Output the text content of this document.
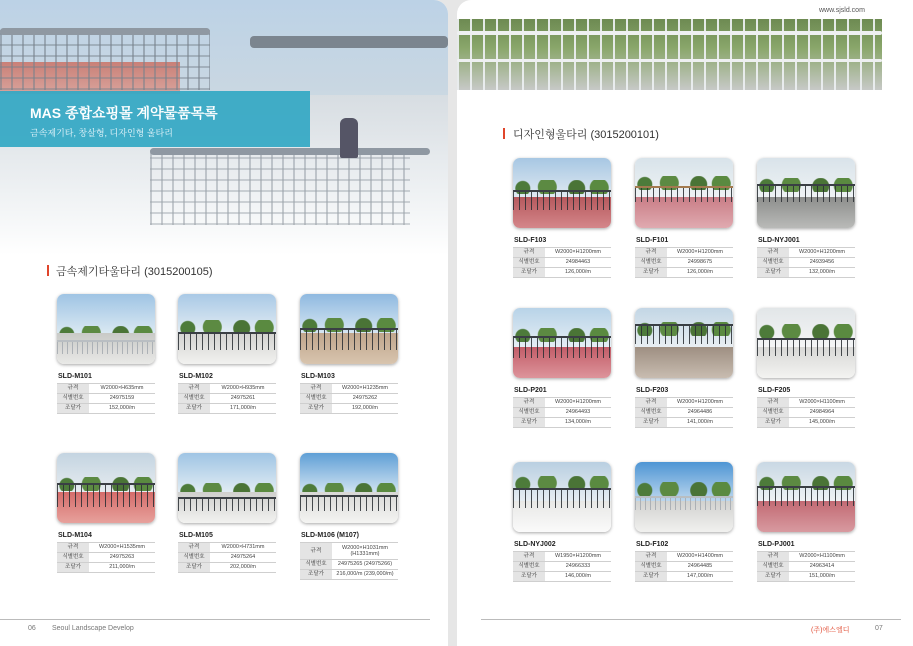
MAS 종합쇼핑몰 계약물품목록
금속제기타, 창살형, 디자인형 울타리
금속제기타울타리 (3015200105)
SLD-M101
규격	W2000×H635mm
식별번호	24975159
조달가	152,000/m
SLD-M102
규격	W2000×H935mm
식별번호	24975261
조달가	171,000/m
SLD-M103
규격	W2000×H1235mm
식별번호	24975262
조달가	192,000/m
SLD-M104
규격	W2000×H1535mm
식별번호	24975263
조달가	211,000/m
SLD-M105
규격	W2000×H731mm
식별번호	24975264
조달가	202,000/m
SLD-M106 (M107)
규격	W2000×H1031mm (H1331mm)
식별번호	24975265 (24975266)
조달가	216,000/m (239,000/m)
06 Seoul Landscape Develop
www.sjsld.com
디자인형울타리 (3015200101)
SLD-F103
규격	W2000×H1200mm
식별번호	24984463
조달가	126,000/m
SLD-F101
규격	W2000×H1200mm
식별번호	24998675
조달가	126,000/m
SLD-NYJ001
규격	W2000×H1200mm
식별번호	24939456
조달가	132,000/m
SLD-P201
규격	W2000×H1200mm
식별번호	24964493
조달가	134,000/m
SLD-F203
규격	W2000×H1200mm
식별번호	24964486
조달가	141,000/m
SLD-F205
규격	W2000×H1100mm
식별번호	24984964
조달가	145,000/m
SLD-NYJ002
규격	W1950×H1200mm
식별번호	24966333
조달가	146,000/m
SLD-F102
규격	W2000×H1400mm
식별번호	24964485
조달가	147,000/m
SLD-PJ001
규격	W2000×H1100mm
식별번호	24963414
조달가	151,000/m
(주)에스엘디	07
